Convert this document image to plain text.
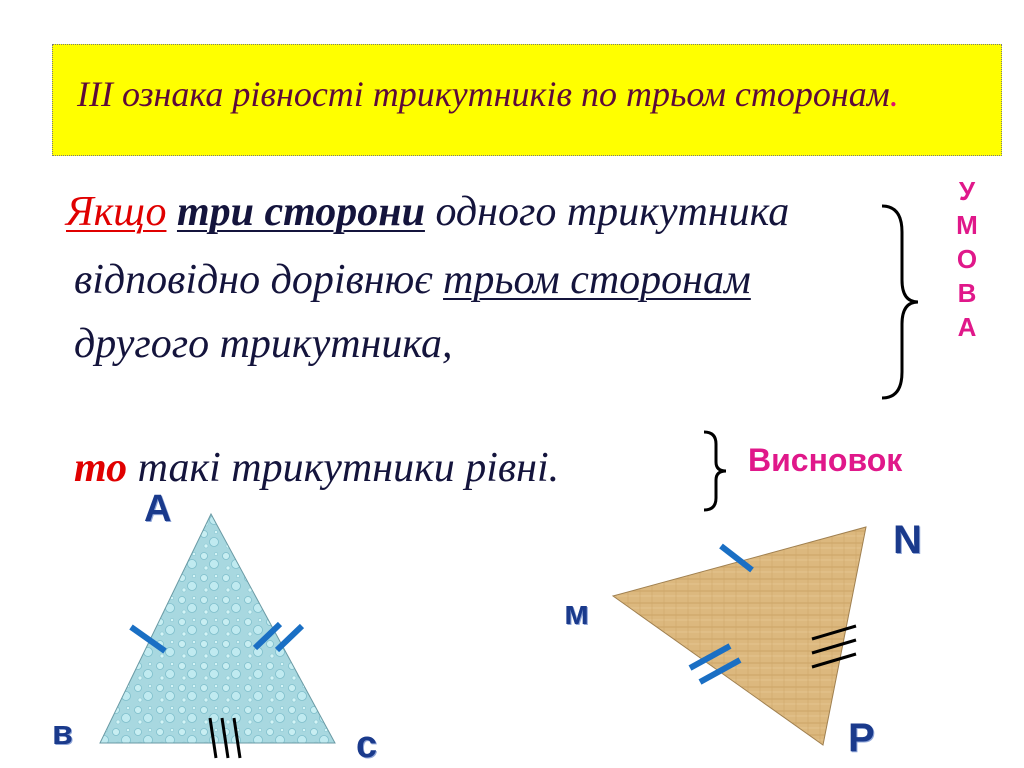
III ознака рівності трикутників по трьом сторонам.
Якщо три сторони одного трикутника
відповідно дорівнює трьом сторонам
другого трикутника,
то такі трикутники рівні.
У
М
О
В
А
Висновок
А
в	с
м
N
Р
